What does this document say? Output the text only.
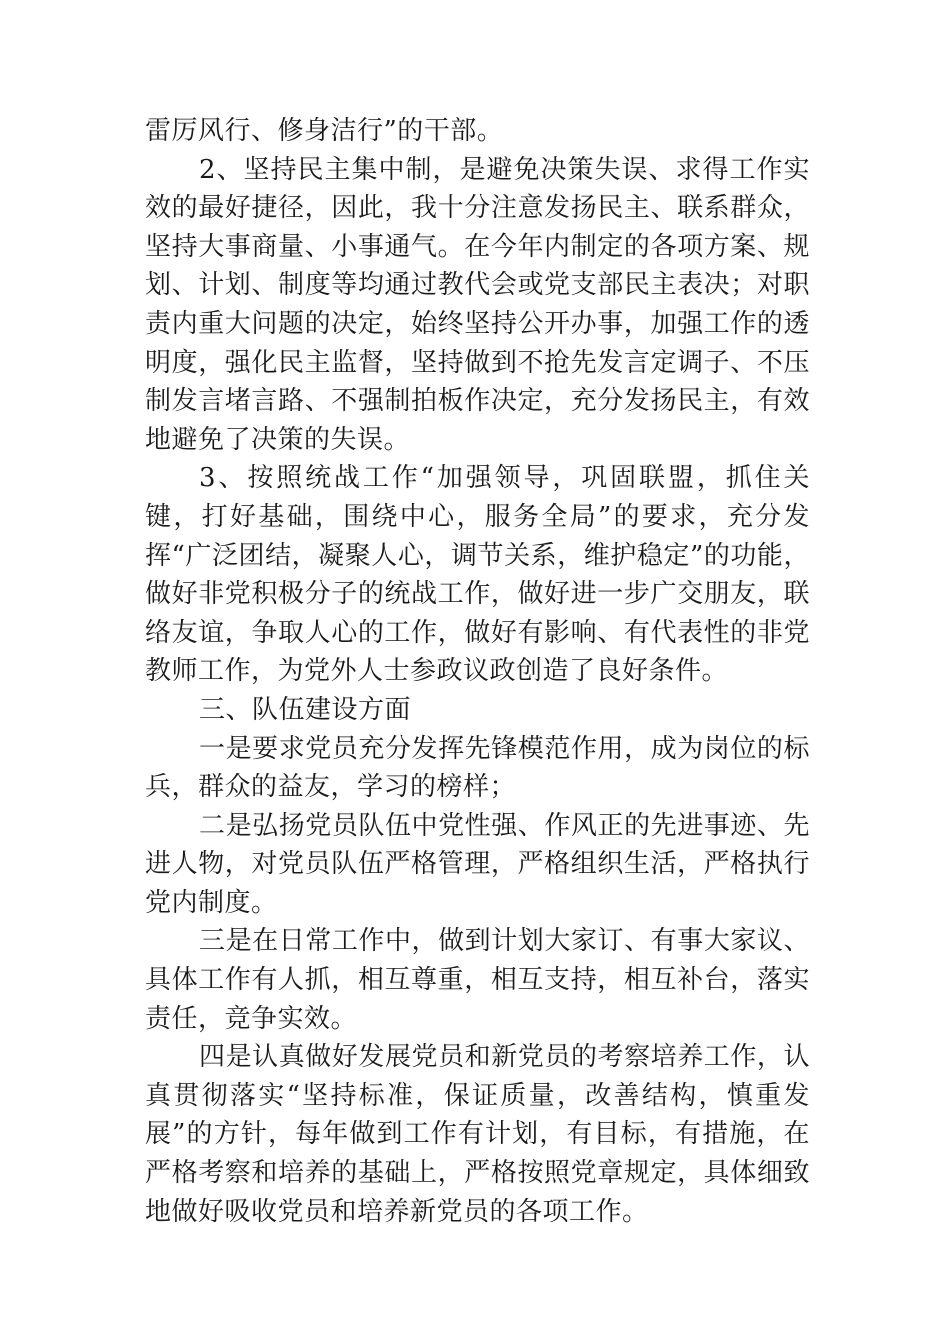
雷厉风行、修身洁行”的干部。

2、坚持民主集中制，是避免决策失误、求得工作实效的最好捷径，因此，我十分注意发扬民主、联系群众，坚持大事商量、小事通气。在今年内制定的各项方案、规划、计划、制度等均通过教代会或党支部民主表决；对职责内重大问题的决定，始终坚持公开办事，加强工作的透明度，强化民主监督，坚持做到不抢先发言定调子、不压制发言堵言路、不强制拍板作决定，充分发扬民主，有效地避免了决策的失误。

3、按照统战工作“加强领导，巩固联盟，抓住关键，打好基础，围绕中心，服务全局”的要求，充分发挥“广泛团结，凝聚人心，调节关系，维护稳定”的功能，做好非党积极分子的统战工作，做好进一步广交朋友，联络友谊，争取人心的工作，做好有影响、有代表性的非党教师工作，为党外人士参政议政创造了良好条件。

三、队伍建设方面

一是要求党员充分发挥先锋模范作用，成为岗位的标兵，群众的益友，学习的榜样；

二是弘扬党员队伍中党性强、作风正的先进事迹、先进人物，对党员队伍严格管理，严格组织生活，严格执行党内制度。

三是在日常工作中，做到计划大家订、有事大家议、具体工作有人抓，相互尊重，相互支持，相互补台，落实责任，竞争实效。

四是认真做好发展党员和新党员的考察培养工作，认真贯彻落实“坚持标准，保证质量，改善结构，慎重发展”的方针，每年做到工作有计划，有目标，有措施，在严格考察和培养的基础上，严格按照党章规定，具体细致地做好吸收党员和培养新党员的各项工作。
